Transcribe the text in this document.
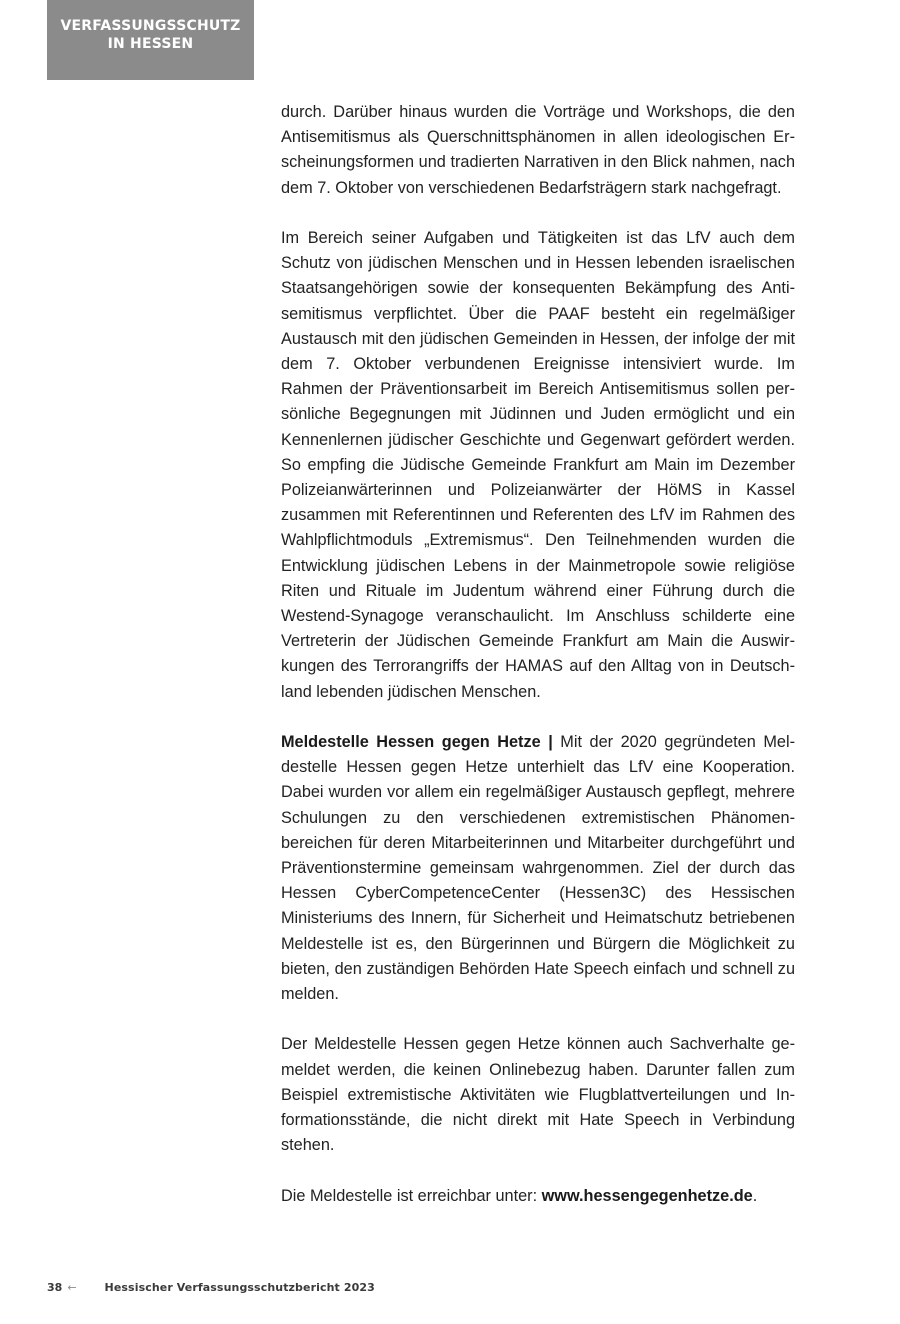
VERFASSUNGSSCHUTZ
IN HESSEN

durch. Darüber hinaus wurden die Vorträge und Workshops, die den Antisemitismus als Querschnittsphänomen in allen ideologischen Erscheinungsformen und tradierten Narrativen in den Blick nahmen, nach dem 7. Oktober von verschiedenen Bedarfsträgern stark nachgefragt.

Im Bereich seiner Aufgaben und Tätigkeiten ist das LfV auch dem Schutz von jüdischen Menschen und in Hessen lebenden israelischen Staatsangehörigen sowie der konsequenten Bekämpfung des Antisemitismus verpflichtet. Über die PAAF besteht ein regelmäßiger Austausch mit den jüdischen Gemeinden in Hessen, der infolge der mit dem 7. Oktober verbundenen Ereignisse intensiviert wurde. Im Rahmen der Präventionsarbeit im Bereich Antisemitismus sollen persönliche Begegnungen mit Jüdinnen und Juden ermöglicht und ein Kennenlernen jüdischer Geschichte und Gegenwart gefördert werden. So empfing die Jüdische Gemeinde Frankfurt am Main im Dezember Polizeianwärterinnen und Polizeianwärter der HöMS in Kassel zusammen mit Referentinnen und Referenten des LfV im Rahmen des Wahlpflichtmoduls „Extremismus“. Den Teilnehmenden wurden die Entwicklung jüdischen Lebens in der Mainmetropole sowie religiöse Riten und Rituale im Judentum während einer Führung durch die Westend-Synagoge veranschaulicht. Im Anschluss schilderte eine Vertreterin der Jüdischen Gemeinde Frankfurt am Main die Auswirkungen des Terrorangriffs der HAMAS auf den Alltag von in Deutschland lebenden jüdischen Menschen.

Meldestelle Hessen gegen Hetze | Mit der 2020 gegründeten Meldestelle Hessen gegen Hetze unterhielt das LfV eine Kooperation. Dabei wurden vor allem ein regelmäßiger Austausch gepflegt, mehrere Schulungen zu den verschiedenen extremistischen Phänomenbereichen für deren Mitarbeiterinnen und Mitarbeiter durchgeführt und Präventionstermine gemeinsam wahrgenommen. Ziel der durch das Hessen CyberCompetenceCenter (Hessen3C) des Hessischen Ministeriums des Innern, für Sicherheit und Heimatschutz betriebenen Meldestelle ist es, den Bürgerinnen und Bürgern die Möglichkeit zu bieten, den zuständigen Behörden Hate Speech einfach und schnell zu melden.

Der Meldestelle Hessen gegen Hetze können auch Sachverhalte gemeldet werden, die keinen Onlinebezug haben. Darunter fallen zum Beispiel extremistische Aktivitäten wie Flugblattverteilungen und Informationsstände, die nicht direkt mit Hate Speech in Verbindung stehen.

Die Meldestelle ist erreichbar unter: www.hessengegenhetze.de.

38 ←	Hessischer Verfassungsschutzbericht 2023
